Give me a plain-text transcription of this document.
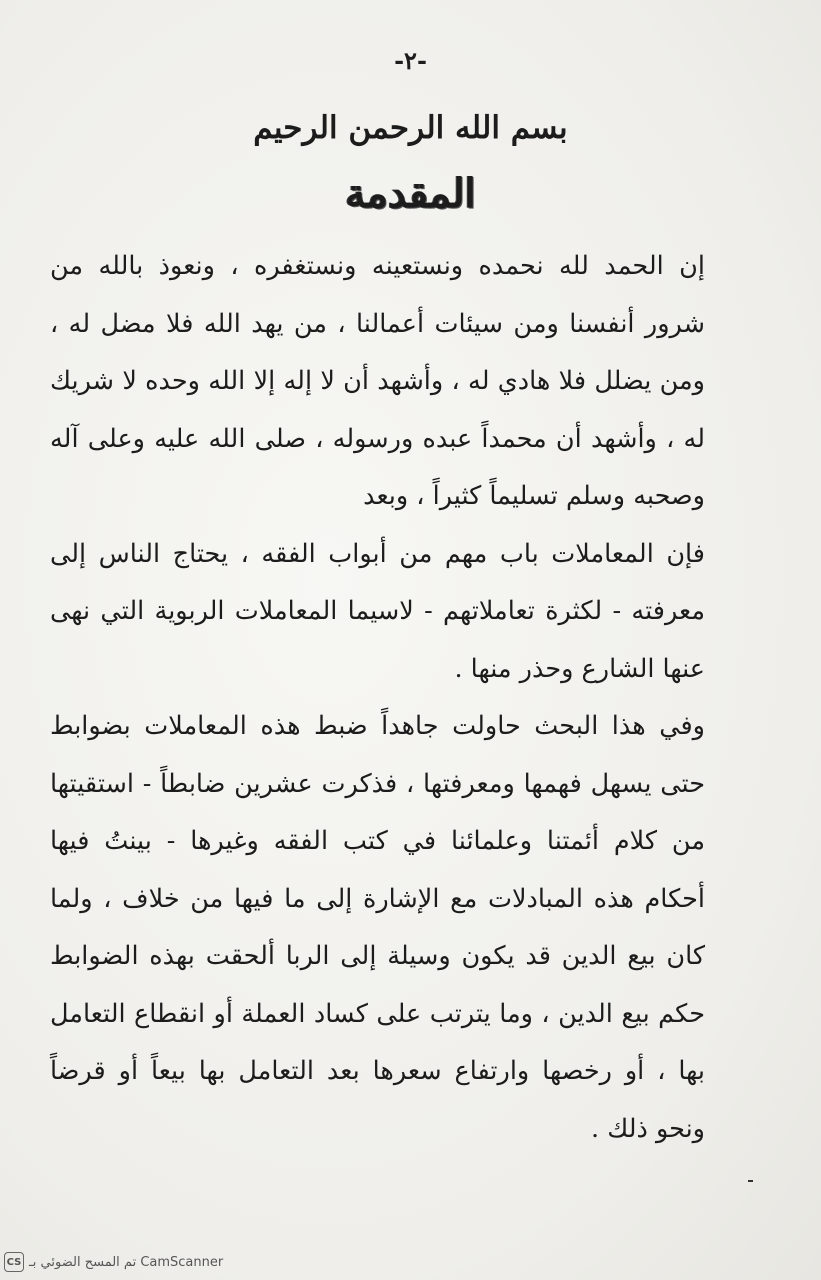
-٢-
بسم الله الرحمن الرحيم
المقدمة

إن الحمد لله نحمده ونستعينه ونستغفره ، ونعوذ بالله من شرور أنفسنا ومن سيئات أعمالنا ، من يهد الله فلا مضل له ، ومن يضلل فلا هادي له ، وأشهد أن لا إله إلا الله وحده لا شريك له ، وأشهد أن محمداً عبده ورسوله ، صلى الله عليه وعلى آله وصحبه وسلم تسليماً كثيراً ، وبعد

فإن المعاملات باب مهم من أبواب الفقه ، يحتاج الناس إلى معرفته - لكثرة تعاملاتهم - لاسيما المعاملات الربوية التي نهى عنها الشارع وحذر منها .

وفي هذا البحث حاولت جاهداً ضبط هذه المعاملات بضوابط حتى يسهل فهمها ومعرفتها ، فذكرت عشرين ضابطاً - استقيتها من كلام أئمتنا وعلمائنا في كتب الفقه وغيرها - بينتُ فيها أحكام هذه المبادلات مع الإشارة إلى ما فيها من خلاف ، ولما كان بيع الدين قد يكون وسيلة إلى الربا ألحقت بهذه الضوابط حكم بيع الدين ، وما يترتب على كساد العملة أو انقطاع التعامل بها ، أو رخصها وارتفاع سعرها بعد التعامل بها بيعاً أو قرضاً ونحو ذلك .

CS تم المسح الضوئي بـ CamScanner
